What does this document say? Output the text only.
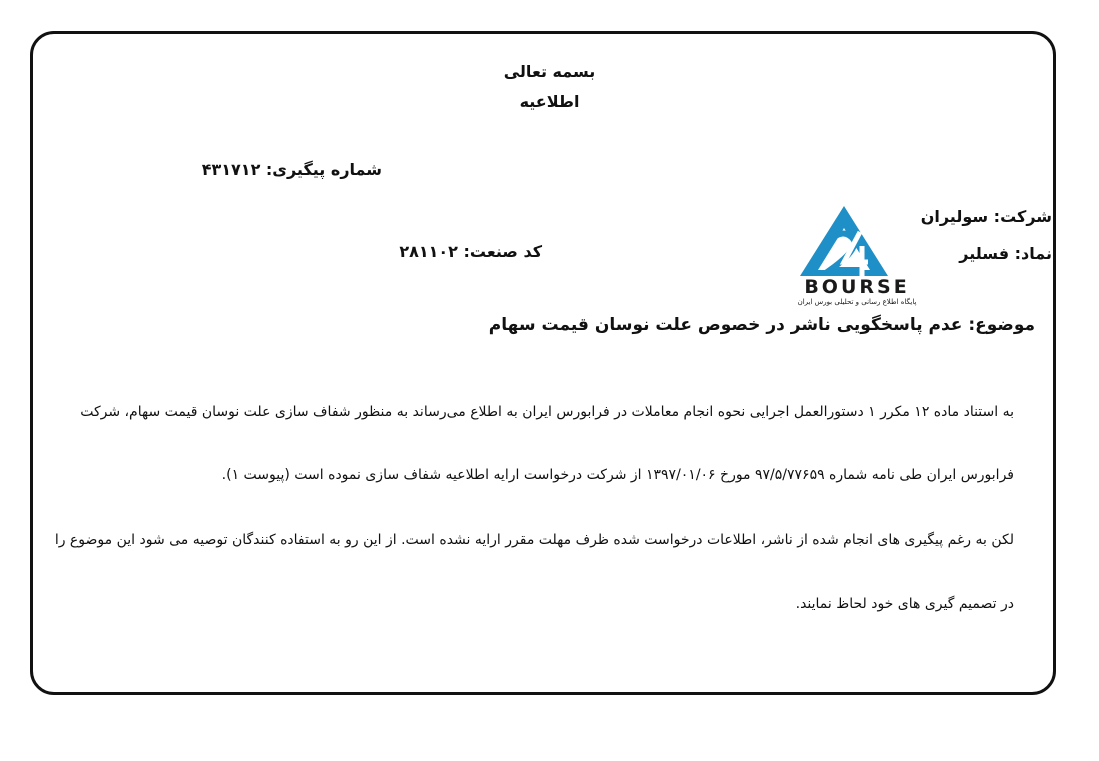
بسمه تعالی
اطلاعیه
شماره پیگیری: ۴۳۱۷۱۲
شرکت: سولیران
نماد: فسلیر
کد صنعت: ۲۸۱۱۰۲
BOURSE
پایگاه اطلاع رسانی و تحلیلی بورس ایران
موضوع: عدم پاسخگویی ناشر در خصوص علت نوسان قیمت سهام
به استناد ماده ۱۲ مکرر ۱ دستورالعمل اجرایی نحوه انجام معاملات در فرابورس ایران به اطلاع می‌رساند به منظور شفاف سازی علت نوسان قیمت سهام، شرکت
فرابورس ایران طی نامه شماره ۹۷/۵/۷۷۶۵۹ مورخ ۱۳۹۷/۰۱/۰۶ از شرکت درخواست ارایه اطلاعیه شفاف سازی نموده است (پیوست ۱).
لکن به رغم پیگیری های انجام شده از ناشر، اطلاعات درخواست شده ظرف مهلت مقرر ارایه نشده است. از این رو به استفاده کنندگان توصیه می شود این موضوع را
در تصمیم گیری های خود لحاظ نمایند.
